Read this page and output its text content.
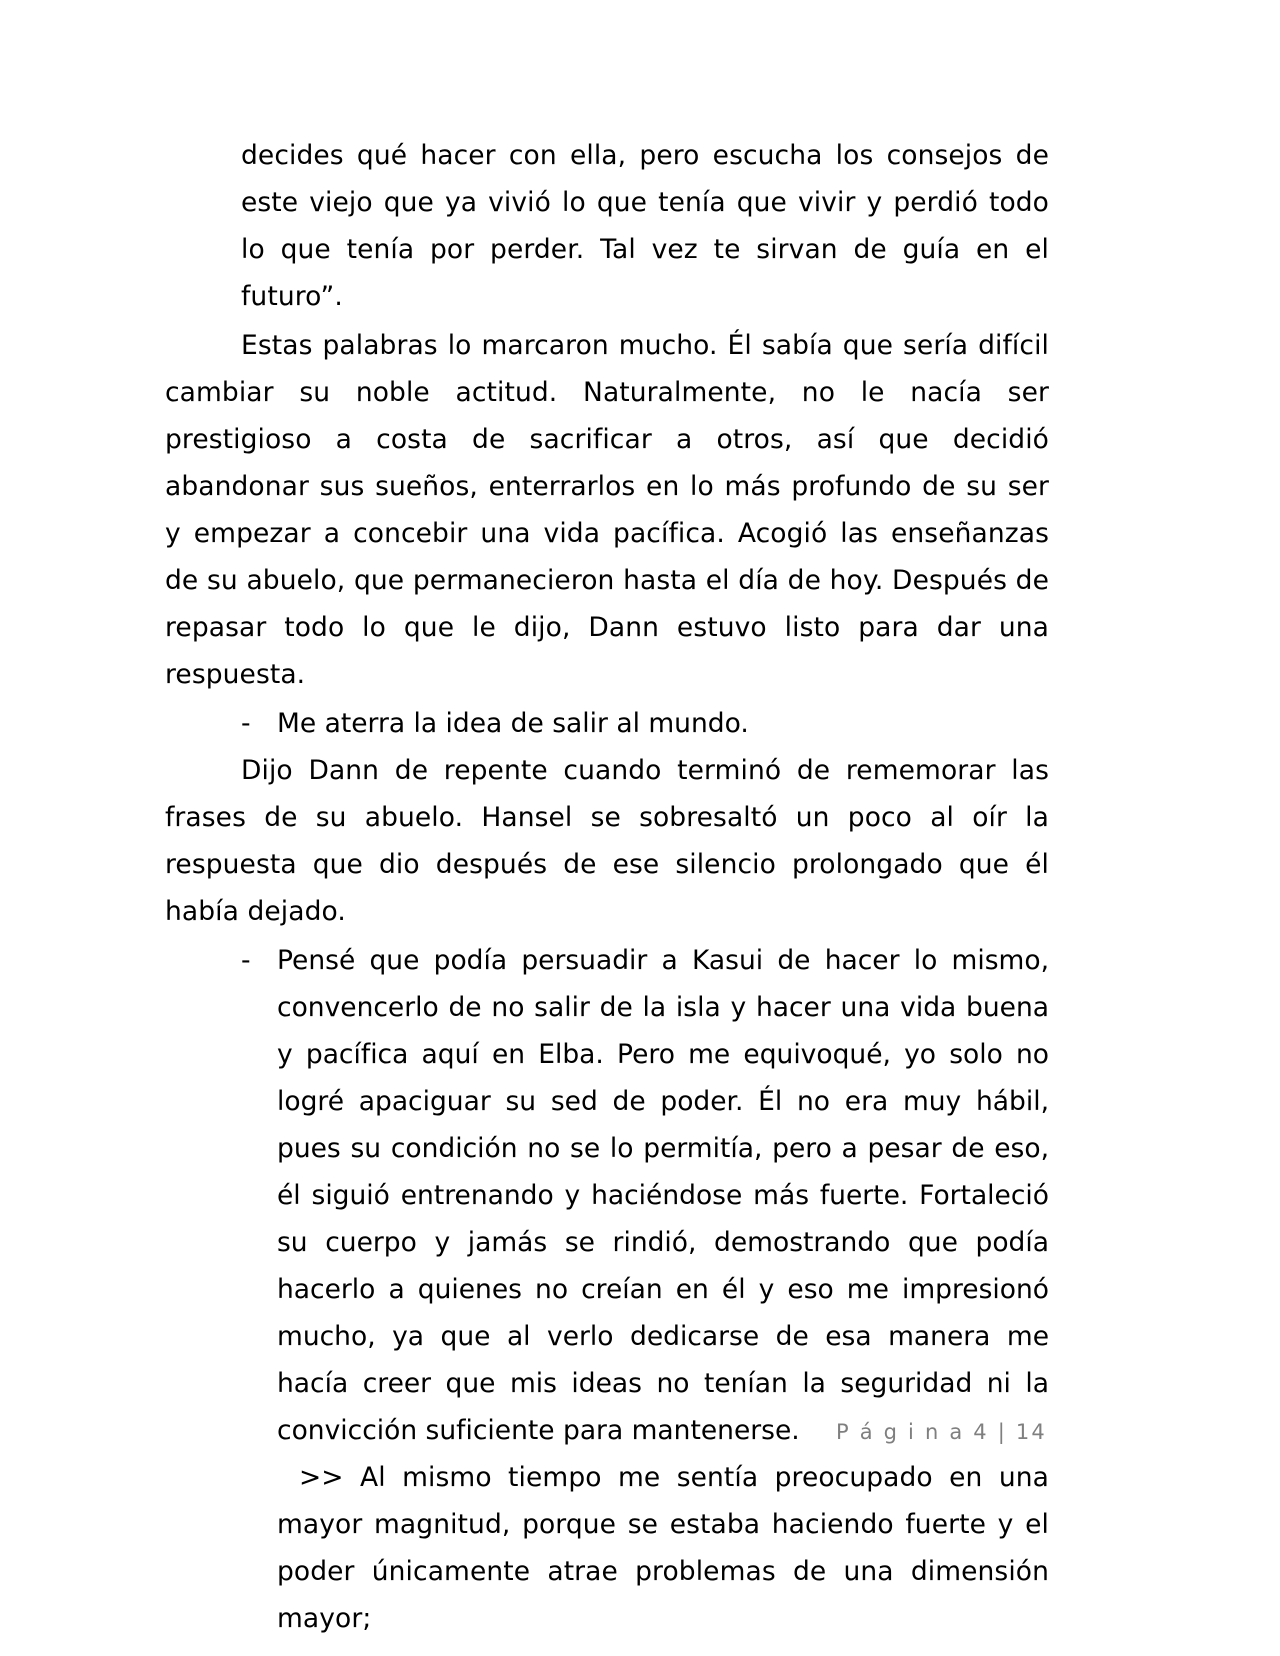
decides qué hacer con ella, pero escucha los consejos de este viejo que ya vivió lo que tenía que vivir y perdió todo lo que tenía por perder. Tal vez te sirvan de guía en el futuro”.

Estas palabras lo marcaron mucho. Él sabía que sería difícil cambiar su noble actitud. Naturalmente, no le nacía ser prestigioso a costa de sacrificar a otros, así que decidió abandonar sus sueños, enterrarlos en lo más profundo de su ser y empezar a concebir una vida pacífica. Acogió las enseñanzas de su abuelo, que permanecieron hasta el día de hoy. Después de repasar todo lo que le dijo, Dann estuvo listo para dar una respuesta.

- Me aterra la idea de salir al mundo.

Dijo Dann de repente cuando terminó de rememorar las frases de su abuelo. Hansel se sobresaltó un poco al oír la respuesta que dio después de ese silencio prolongado que él había dejado.

- Pensé que podía persuadir a Kasui de hacer lo mismo, convencerlo de no salir de la isla y hacer una vida buena y pacífica aquí en Elba. Pero me equivoqué, yo solo no logré apaciguar su sed de poder. Él no era muy hábil, pues su condición no se lo permitía, pero a pesar de eso, él siguió entrenando y haciéndose más fuerte. Fortaleció su cuerpo y jamás se rindió, demostrando que podía hacerlo a quienes no creían en él y eso me impresionó mucho, ya que al verlo dedicarse de esa manera me hacía creer que mis ideas no tenían la seguridad ni la convicción suficiente para mantenerse.

>> Al mismo tiempo me sentía preocupado en una mayor magnitud, porque se estaba haciendo fuerte y el poder únicamente atrae problemas de una dimensión mayor;

P á g i n a 4 | 14
